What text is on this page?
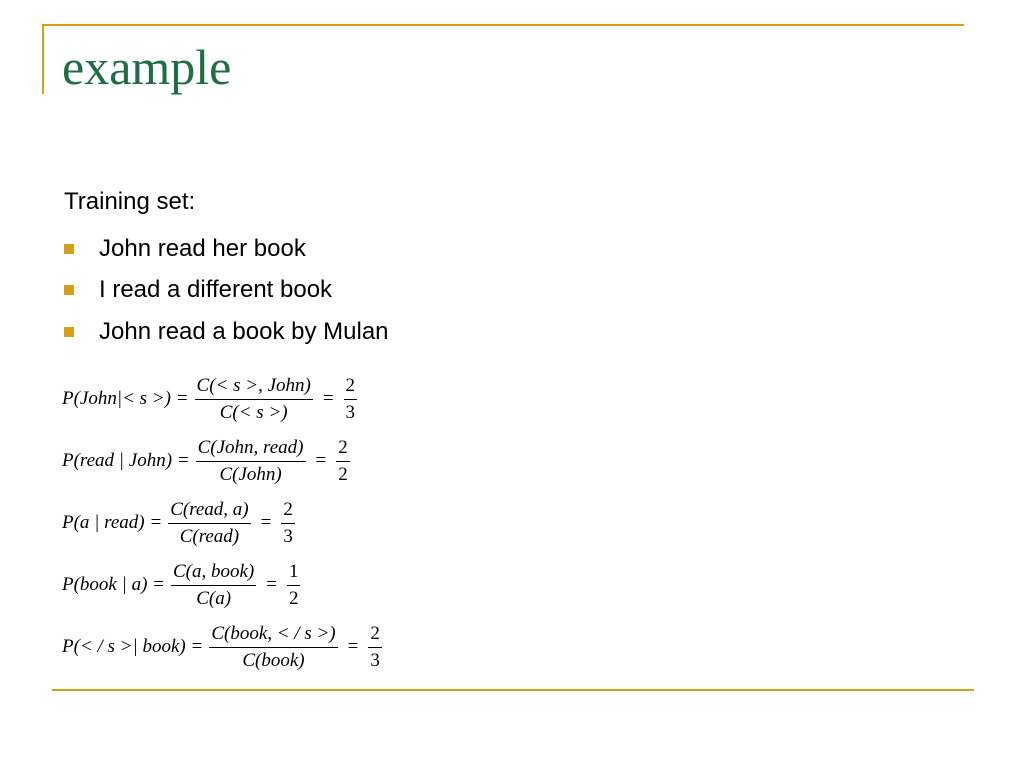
example
Training set:
John read her book
I read a different book
John read a book by Mulan
P(John|< s >) = $\frac{\text{C(< s >, John)}}{C(< s >)} = \frac{2}{3}$
P(read | John) = $\frac{\text{C(John, read)}}{\text{C(John)}} = \frac{2}{2}$
P(a | read) = $\frac{\text{C(read, a)}}{\text{C(read)}} = \frac{2}{3}$
P(book | $a) = \frac{\text{C(a, book)}}{C(a)} = \frac{1}{2}$
P(< / s >| book) = $\frac{\text{C(book, < / s >)}}{\text{C(book)}} = \frac{2}{3}$
